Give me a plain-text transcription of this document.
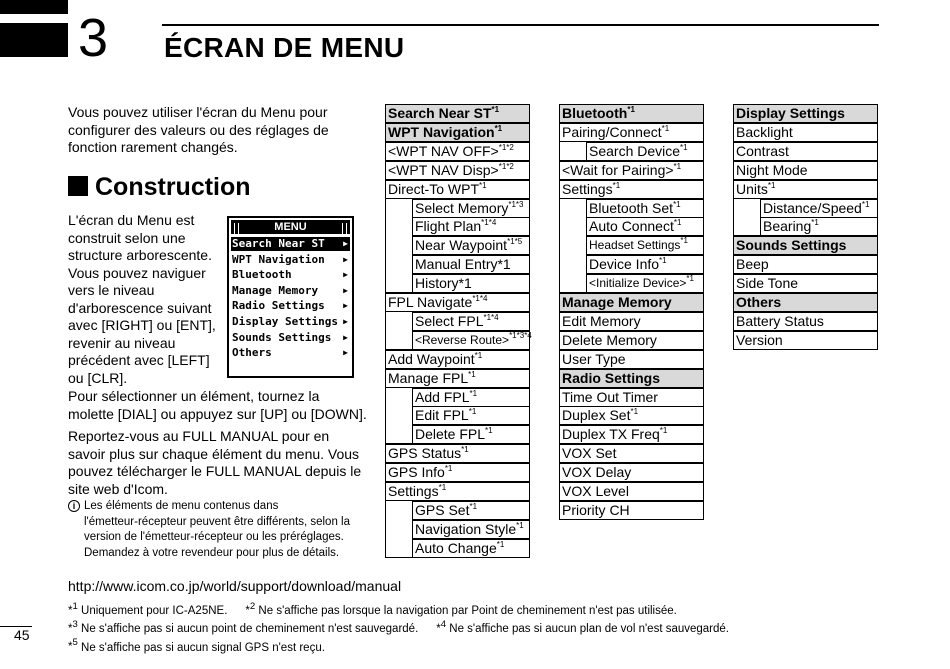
3 ÉCRAN DE MENU
Vous pouvez utiliser l'écran du Menu pour configurer des valeurs ou des réglages de fonction rarement changés.
Construction
L'écran du Menu est construit selon une structure arborescente. Vous pouvez naviguer vers le niveau d'arborescence suivant avec [RIGHT] ou [ENT], revenir au niveau précédent avec [LEFT] ou [CLR].
MENU
Search Near ST ▶
WPT Navigation ▶
Bluetooth	▶
Manage Memory	▶
Radio Settings ▶
Display Settings ▶
Sounds Settings ▶
Others	▶
Pour sélectionner un élément, tournez la molette [DIAL] ou appuyez sur [UP] ou [DOWN].
Reportez-vous au FULL MANUAL pour en savoir plus sur chaque élément du menu. Vous pouvez télécharger le FULL MANUAL depuis le site web d'Icom.
i Les éléments de menu contenus dans
l'émetteur-récepteur peuvent être différents, selon la version de l'émetteur-récepteur ou les préréglages. Demandez à votre revendeur pour plus de détails.
http://www.icom.co.jp/world/support/download/manual
*$^1$ Uniquement pour IC-A25NE. *$^2$ Ne s'affiche pas lorsque la navigation par Point de cheminement n'est pas utilisée.
*$^3$ Ne s'affiche pas si aucun point de cheminement n'est sauvegardé. *$^4$ Ne s'affiche pas si aucun plan de vol n'est sauvegardé.
*$^5$ Ne s'affiche pas si aucun signal GPS n'est reçu.
45
Search Near ST$^{*1}$
WPT Navigation$^{*1}$
<WPT NAV OFF>$^{*1*2}$
<WPT NAV Disp>$^{*1*2}$
Direct-To WPT$^{*1}$
Select Memory$^{*1*3}$
Flight Plan$^{*1*4}$
Near Waypoint$^{*1*5}$
Manual Entry*1
History*1
FPL Navigate$^{*1*4}$
Select $FPL^{*1*4}$
<Reverse Route>$^{*1*3*4}$
Add Waypoint$^{*1}$
Manage FPL$^{*1}$
Add FPL$^{*1}$
Edit FPL$^{*1}$
Delete FPL$^{*1}$
GPS Status$^{*1}$
GPS Info$^{*1}$
Settings$^{*1}$
GPS Set$^{*1}$
Navigation Style$^{*1}$
Auto Change$^{*1}$
Bluetooth$^{*1}$
Pairing/Connect$^{*1}$
Search Device$^{*1}$
<Wait for Pairing>$^{*1}$
Settings$^{*1}$
Bluetooth Set$^{*1}$
Auto Connect$^{*1}$
Headset Settings$^{*1}$
Device Info$^{*1}$
<Initialize Device>$^{*1}$
Manage Memory
Edit Memory
Delete Memory
User Type
Radio Settings
Time Out Timer
Duplex Set$^{*1}$
Duplex TX Freq$^{*1}$
VOX Set
VOX Delay
VOX Level
Priority CH
Display Settings
Backlight
Contrast
Night Mode
Units$^{*1}$
Distance/Speed$^{*1}$
Bearing$^{*1}$
Sounds Settings
Beep
Side Tone
Others
Battery Status
Version
